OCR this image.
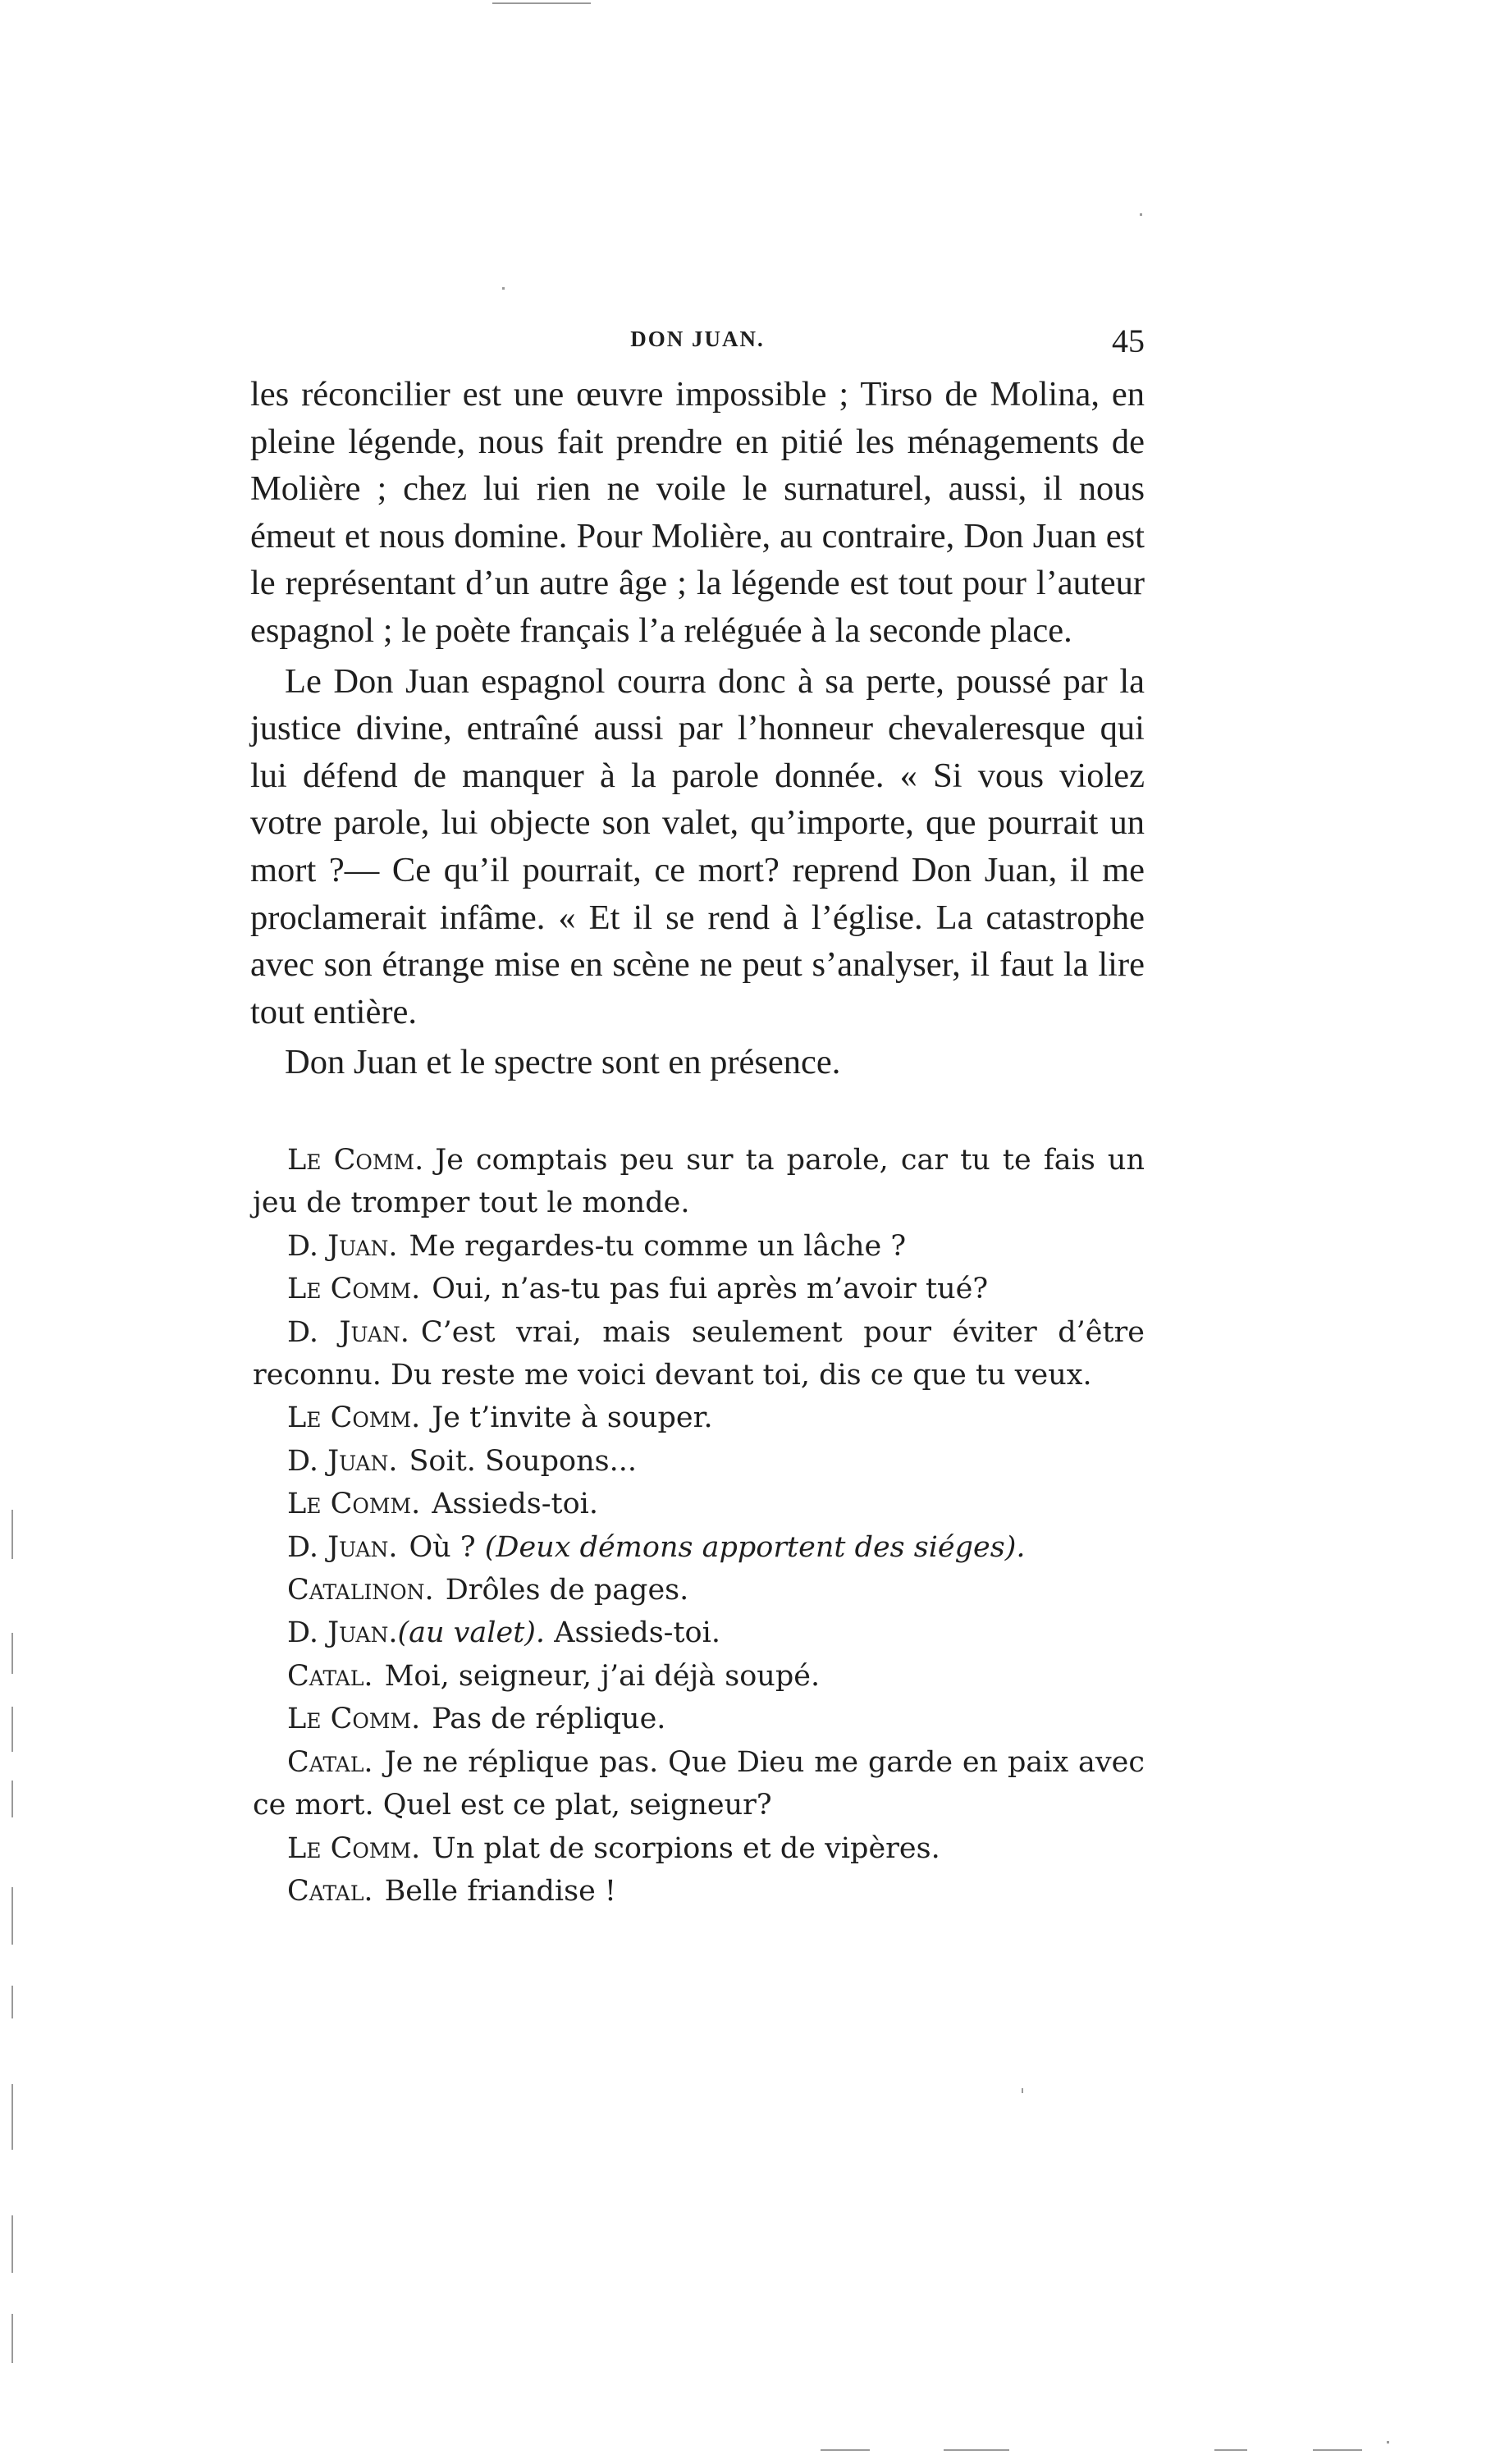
DON JUAN.	45

les réconcilier est une œuvre impossible ; Tirso de Molina, en pleine légende, nous fait prendre en pitié les ménagements de Molière ; chez lui rien ne voile le surnaturel, aussi, il nous émeut et nous domine. Pour Molière, au contraire, Don Juan est le représentant d’un autre âge ; la légende est tout pour l’auteur espagnol ; le poète français l’a reléguée à la seconde place.

Le Don Juan espagnol courra donc à sa perte, poussé par la justice divine, entraîné aussi par l’honneur chevaleresque qui lui défend de manquer à la parole donnée. « Si vous violez votre parole, lui objecte son valet, qu’importe, que pourrait un mort ?— Ce qu’il pourrait, ce mort? reprend Don Juan, il me proclamerait infâme. « Et il se rend à l’église. La catastrophe avec son étrange mise en scène ne peut s’analyser, il faut la lire tout entière.

Don Juan et le spectre sont en présence.

Le Comm. Je comptais peu sur ta parole, car tu te fais un jeu de tromper tout le monde.

D. Juan. Me regardes-tu comme un lâche ?

Le Comm. Oui, n’as-tu pas fui après m’avoir tué?

D. Juan. C’est vrai, mais seulement pour éviter d’être reconnu. Du reste me voici devant toi, dis ce que tu veux.

Le Comm. Je t’invite à souper.

D. Juan. Soit. Soupons...

Le Comm. Assieds-toi.

D. Juan. Où ? (Deux démons apportent des siéges).

Catalinon. Drôles de pages.

D. Juan.(au valet). Assieds-toi.

Catal. Moi, seigneur, j’ai déjà soupé.

Le Comm. Pas de réplique.

Catal. Je ne réplique pas. Que Dieu me garde en paix avec ce mort. Quel est ce plat, seigneur?

Le Comm. Un plat de scorpions et de vipères.

Catal. Belle friandise !
